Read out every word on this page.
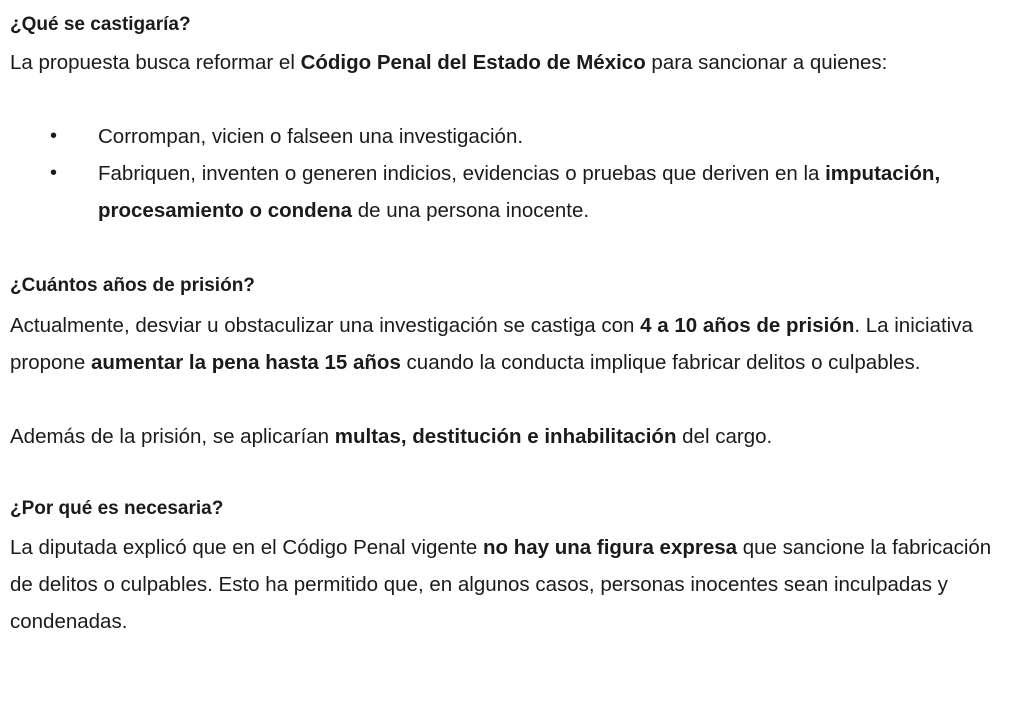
¿Qué se castigaría?

La propuesta busca reformar el Código Penal del Estado de México para sancionar a quienes:

• Corrompan, vicien o falseen una investigación.
• Fabriquen, inventen o generen indicios, evidencias o pruebas que deriven en la imputación, procesamiento o condena de una persona inocente.
¿Cuántos años de prisión?

Actualmente, desviar u obstaculizar una investigación se castiga con 4 a 10 años de prisión. La iniciativa propone aumentar la pena hasta 15 años cuando la conducta implique fabricar delitos o culpables.

Además de la prisión, se aplicarían multas, destitución e inhabilitación del cargo.

¿Por qué es necesaria?

La diputada explicó que en el Código Penal vigente no hay una figura expresa que sancione la fabricación de delitos o culpables. Esto ha permitido que, en algunos casos, personas inocentes sean inculpadas y condenadas.
